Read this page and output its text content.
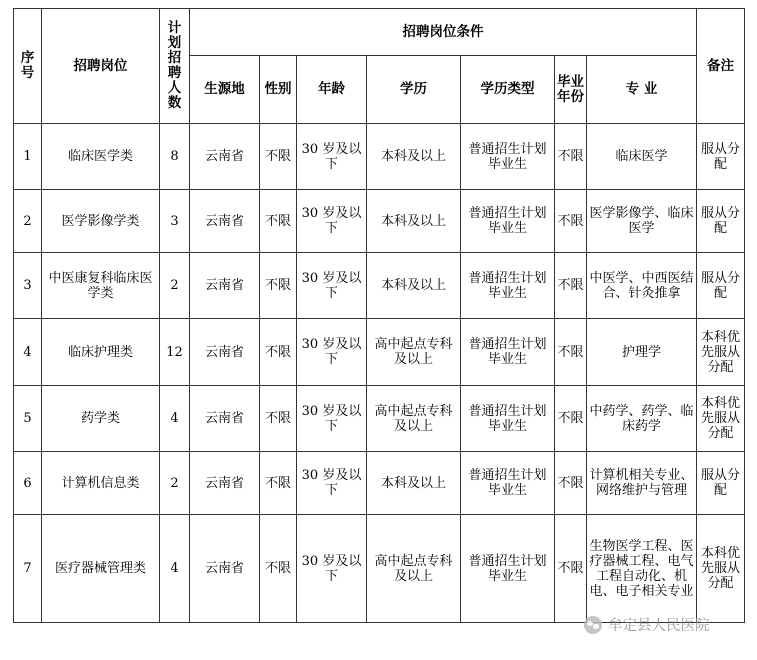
序号	招聘岗位	计划招聘人数	招聘岗位条件							备注
			生源地	性别	年龄	学历	学历类型	毕业年份	专 业	
1	临床医学类	8	云南省	不限	30 岁及以下	本科及以上	普通招生计划毕业生	不限	临床医学	服从分配
2	医学影像学类	3	云南省	不限	30 岁及以下	本科及以上	普通招生计划毕业生	不限	医学影像学、临床医学	服从分配
3	中医康复科临床医学类	2	云南省	不限	30 岁及以下	本科及以上	普通招生计划毕业生	不限	中医学、中西医结合、针灸推拿	服从分配
4	临床护理类	12	云南省	不限	30 岁及以下	高中起点专科及以上	普通招生计划毕业生	不限	护理学	本科优先服从分配
5	药学类	4	云南省	不限	30 岁及以下	高中起点专科及以上	普通招生计划毕业生	不限	中药学、药学、临床药学	本科优先服从分配
6	计算机信息类	2	云南省	不限	30 岁及以下	本科及以上	普通招生计划毕业生	不限	计算机相关专业、网络维护与管理	服从分配
7	医疗器械管理类	4	云南省	不限	30 岁及以下	高中起点专科及以上	普通招生计划毕业生	不限	生物医学工程、医疗器械工程、电气工程自动化、机电、电子相关专业	本科优先服从分配
牟定县人民医院
